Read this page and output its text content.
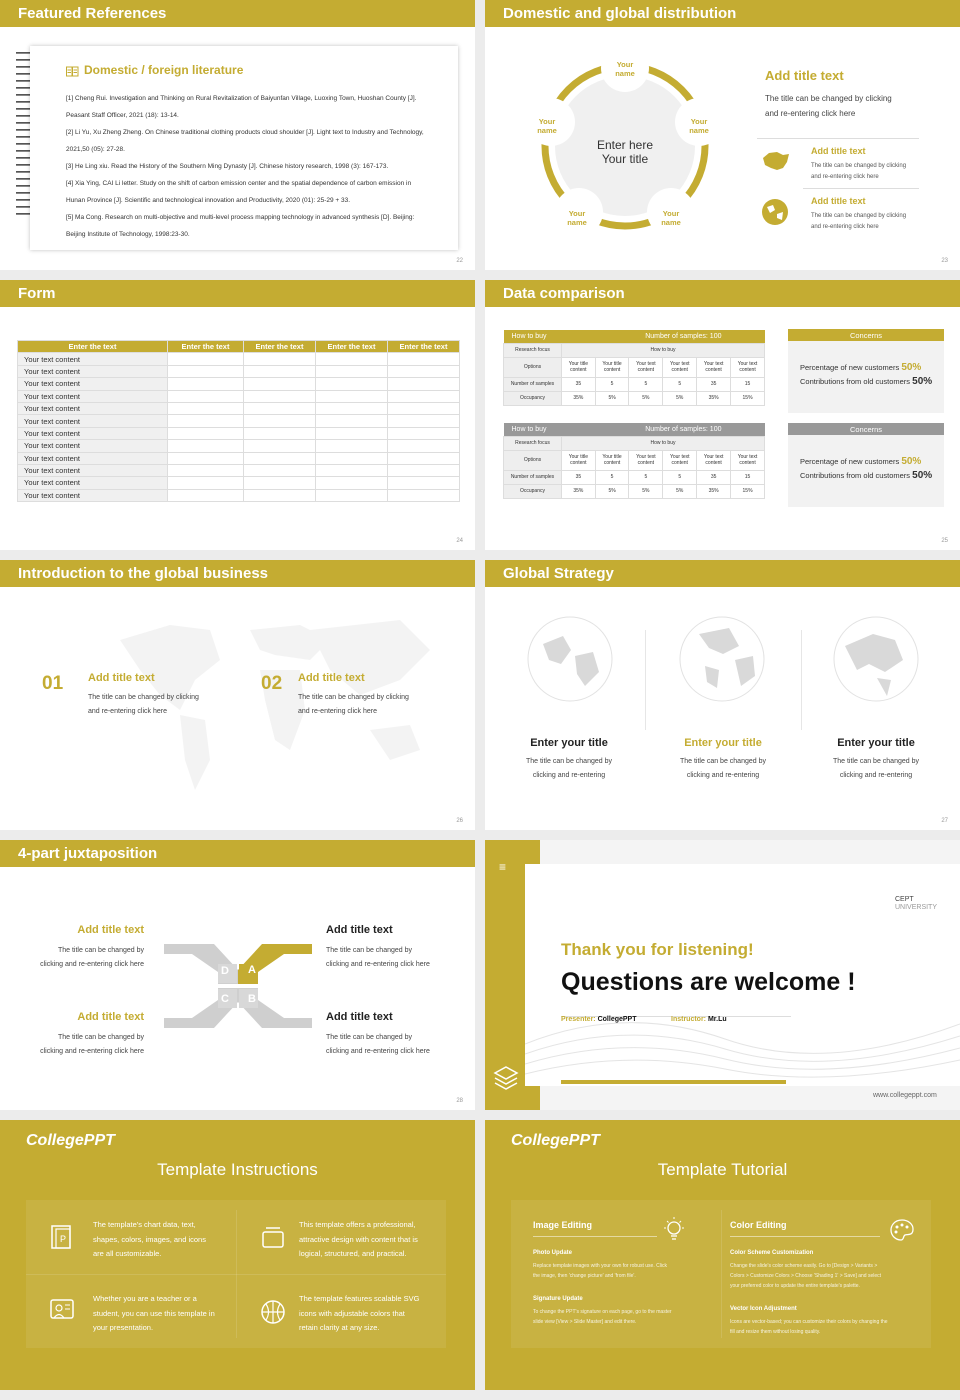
Featured References
Domestic / foreign literature
[1] Cheng Rui. Investigation and Thinking on Rural Revitalization of Baiyunfan Village, Luoxing Town, Huoshan County [J].
Peasant Staff Officer, 2021 (18): 13-14.
[2] Li Yu, Xu Zheng Zheng. On Chinese traditional clothing products cloud shoulder [J]. Light text to Industry and Technology,
2021,50 (05): 27-28.
[3] He Ling xiu. Read the History of the Southern Ming Dynasty [J]. Chinese history research, 1998 (3): 167-173.
[4] Xia Ying, CAI Li letter. Study on the shift of carbon emission center and the spatial dependence of carbon emission in
Hunan Province [J]. Scientific and technological innovation and Productivity, 2020 (01): 25-29 + 33.
[5] Ma Cong. Research on multi-objective and multi-level process mapping technology in advanced synthesis [D]. Beijing:
Beijing Institute of Technology, 1998:23-30.
22
Domestic and global distribution
Enter here
Your title
Your name
Your name
Your name
Your name
Your name
Add title text
The title can be changed by clicking
and re-entering click here
Add title text
The title can be changed by clicking
and re-entering click here
Add title text
The title can be changed by clicking
and re-entering click here
23
Form
24
Enter the text	Enter the text	Enter the text	Enter the text	Enter the text
Your text content				
Your text content				
Your text content				
Your text content				
Your text content				
Your text content				
Your text content				
Your text content				
Your text content				
Your text content				
Your text content				
Your text content				
Data comparison
How to buy		Number of samples: 100				
Research focus	How to buy					
Options	Your title content	Your title content	Your text content	Your text content	Your text content	Your text content
Number of samples	35	5	5	5	35	15
Occupancy	35%	5%	5%	5%	35%	15%
How to buy		Number of samples: 100				
Research focus	How to buy					
Options	Your title content	Your title content	Your text content	Your text content	Your text content	Your text content
Number of samples	35	5	5	5	35	15
Occupancy	35%	5%	5%	5%	35%	15%
Concerns
Percentage of new customers 50%
Contributions from old customers 50%
Concerns
Percentage of new customers 50%
Contributions from old customers 50%
25
Introduction to the global business
01 Add title text
The title can be changed by clicking
and re-entering click here
02 Add title text
The title can be changed by clicking
and re-entering click here
26
Global Strategy
Enter your title
The title can be changed by
clicking and re-entering
Enter your title
The title can be changed by
clicking and re-entering
Enter your title
The title can be changed by
clicking and re-entering
27
4-part juxtaposition
D A
C B
Add title text
The title can be changed by
clicking and re-entering click here
Add title text
The title can be changed by
clicking and re-entering click here
Add title text
The title can be changed by
clicking and re-entering click here
Add title text
The title can be changed by
clicking and re-entering click here
28
≡
CEPT
UNIVERSITY
Thank you for listening!
Questions are welcome !
Presenter: CollegePPT	Instructor: Mr.Lu
www.collegeppt.com
CollegePPT
Template Instructions
P
The template's chart data, text,
shapes, colors, images, and icons
are all customizable.
This template offers a professional,
attractive design with content that is
logical, structured, and practical.
Whether you are a teacher or a
student, you can use this template in
your presentation.
The template features scalable SVG
icons with adjustable colors that
retain clarity at any size.
CollegePPT
Template Tutorial
Image Editing
Photo Update
Replace template images with your own for robust use. Click
the image, then 'change picture' and 'from file'.
Signature Update
To change the PPT's signature on each page, go to the master
slide view [View > Slide Master] and edit there.
Color Editing
Color Scheme Customization
Change the slide's color scheme easily. Go to [Design > Variants >
Colors > Customize Colors > Choose 'Shading 1' > Save] and select
your preferred color to update the entire template's palette.
Vector Icon Adjustment
Icons are vector-based; you can customize their colors by changing the
fill and resize them without losing quality.
